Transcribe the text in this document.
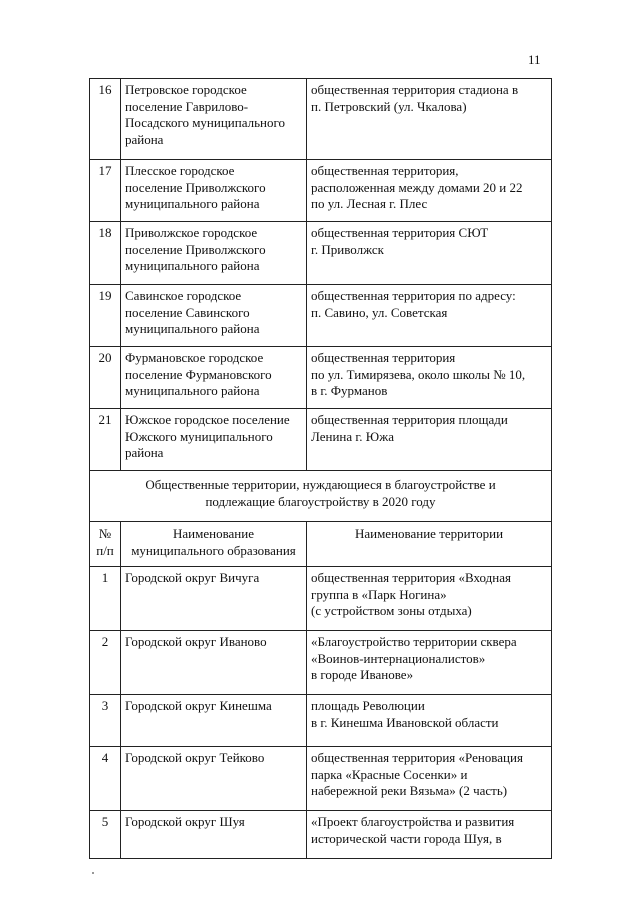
11
16	Петровское городское
поселение Гаврилово-
Посадского муниципального
района	общественная территория стадиона в
п. Петровский (ул. Чкалова)
17	Плесское городское
поселение Приволжского
муниципального района	общественная территория,
расположенная между домами 20 и 22
по ул. Лесная г. Плес
18	Приволжское городское
поселение Приволжского
муниципального района	общественная территория СЮТ
г. Приволжск
19	Савинское городское
поселение Савинского
муниципального района	общественная территория по адресу:
п. Савино, ул. Советская
20	Фурмановское городское
поселение Фурмановского
муниципального района	общественная территория
по ул. Тимирязева, около школы № 10,
в г. Фурманов
21	Южское городское поселение
Южского муниципального
района	общественная территория площади
Ленина г. Южа
Общественные территории, нуждающиеся в благоустройстве и
подлежащие благоустройству в 2020 году		
№
п/п	Наименование
муниципального образования	Наименование территории
1	Городской округ Вичуга	общественная территория «Входная
группа в «Парк Ногина»
(с устройством зоны отдыха)
2	Городской округ Иваново	«Благоустройство территории сквера
«Воинов-интернационалистов»
в городе Иванове»
3	Городской округ Кинешма	площадь Революции
в г. Кинешма Ивановской области
4	Городской округ Тейково	общественная территория «Реновация
парка «Красные Сосенки» и
набережной реки Вязьма» (2 часть)
5	Городской округ Шуя	«Проект благоустройства и развития
исторической части города Шуя, в
